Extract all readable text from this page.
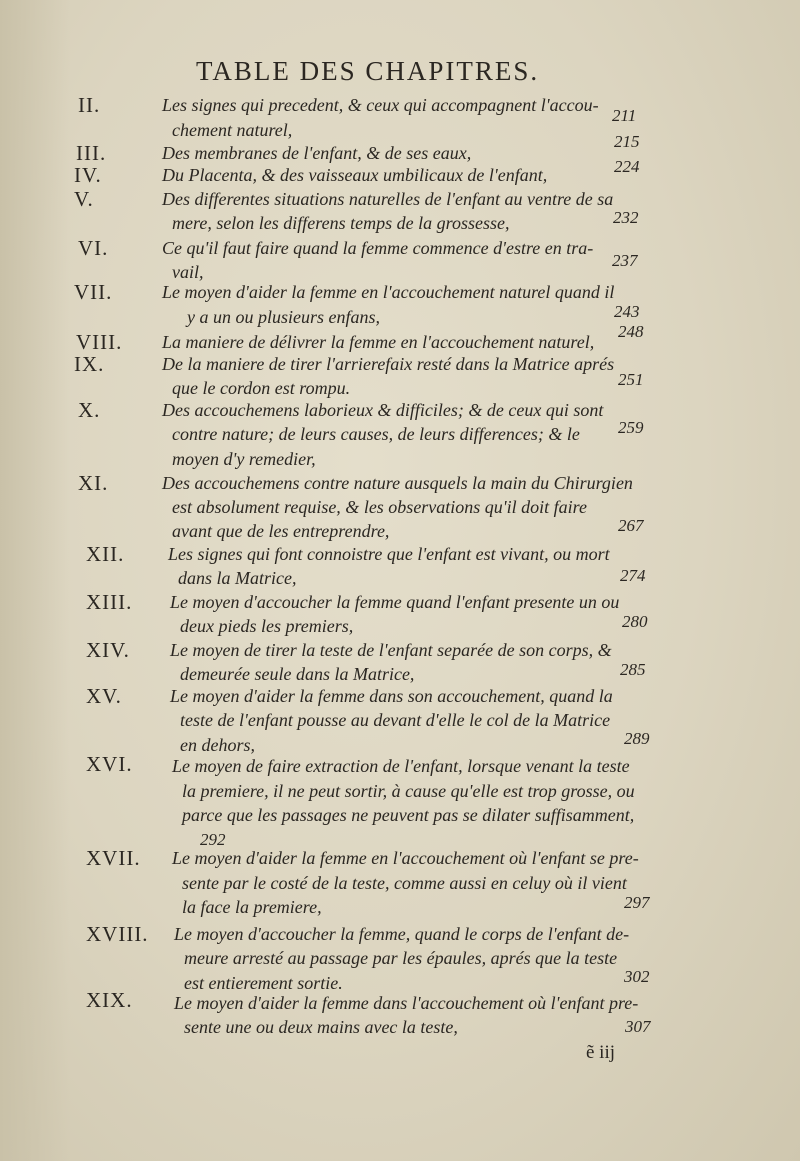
TABLE DES CHAPITRES.
II.	Les signes qui precedent, & ceux qui accompagnent l'accou-
chement naturel,
211
III.	Des membranes de l'enfant, & de ses eaux,
215
IV.	Du Placenta, & des vaisseaux umbilicaux de l'enfant,	224
V.	Des differentes situations naturelles de l'enfant au ventre de sa
mere, selon les differens temps de la grossesse,	232
VI.	Ce qu'il faut faire quand la femme commence d'estre en tra-
vail,
237
VII.	Le moyen d'aider la femme en l'accouchement naturel quand il
y a un ou plusieurs enfans,	243
VIII. La maniere de délivrer la femme en l'accouchement naturel,
248
IX.	De la maniere de tirer l'arrierefaix resté dans la Matrice aprés
que le cordon est rompu.	251
X.	Des accouchemens laborieux & difficiles; & de ceux qui sont
contre nature; de leurs causes, de leurs differences; & le
moyen d'y remedier,
259
XI.	Des accouchemens contre nature ausquels la main du Chirurgien
est absolument requise, & les observations qu'il doit faire
avant que de les entreprendre,	267
XII. Les signes qui font connoistre que l'enfant est vivant, ou mort
dans la Matrice,	274
XIII. Le moyen d'accoucher la femme quand l'enfant presente un ou
deux pieds les premiers,	280
XIV. Le moyen de tirer la teste de l'enfant separée de son corps, &
demeurée seule dans la Matrice,	285
XV.	Le moyen d'aider la femme dans son accouchement, quand la
teste de l'enfant pousse au devant d'elle le col de la Matrice
en dehors,	289
XVI. Le moyen de faire extraction de l'enfant, lorsque venant la teste
la premiere, il ne peut sortir, à cause qu'elle est trop grosse, ou
parce que les passages ne peuvent pas se dilater suffisamment,
292
XVII. Le moyen d'aider la femme en l'accouchement où l'enfant se pre-
sente par le costé de la teste, comme aussi en celuy où il vient
la face la premiere,	297
XVIII. Le moyen d'accoucher la femme, quand le corps de l'enfant de-
meure arresté au passage par les épaules, aprés que la teste
est entierement sortie.	302
XIX. Le moyen d'aider la femme dans l'accouchement où l'enfant pre-
sente une ou deux mains avec la teste,	307
ẽ iij
